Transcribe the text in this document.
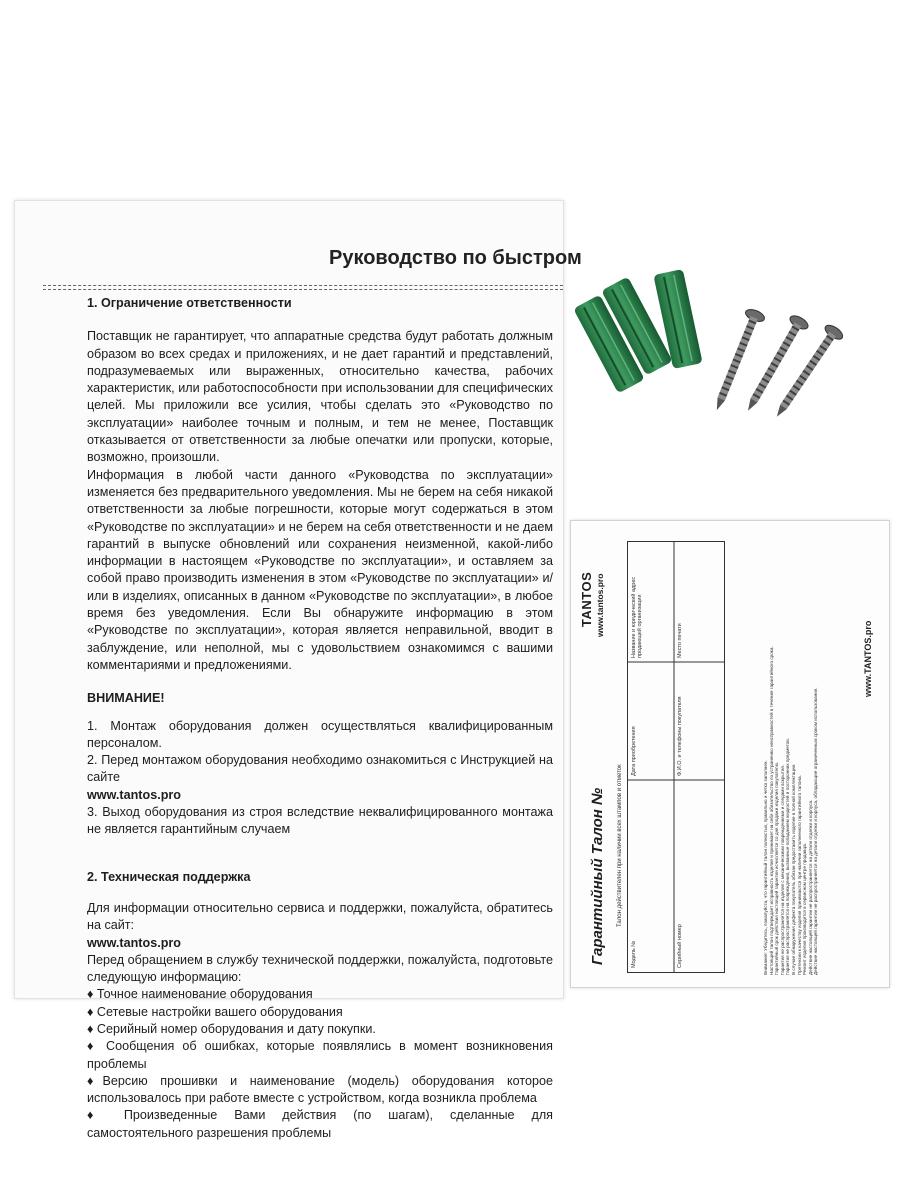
Руководство по быстром

1. Ограничение ответственности

Поставщик не гарантирует, что аппаратные средства будут работать должным образом во всех средах и приложениях, и не дает гарантий и представлений, подразумеваемых или выраженных, относительно качества, рабочих характеристик, или работоспособности при использовании для специфических целей. Мы приложили все усилия, чтобы сделать это «Руководство по эксплуатации» наиболее точным и полным, и тем не менее, Поставщик отказывается от ответственности за любые опечатки или пропуски, которые, возможно, произошли.

Информация в любой части данного «Руководства по эксплуатации» изменяется без предварительного уведомления. Мы не берем на себя никакой ответственности за любые погрешности, которые могут содержаться в этом «Руководстве по эксплуатации» и не берем на себя ответственности и не даем гарантий в выпуске обновлений или сохранения неизменной, какой-либо информации в настоящем «Руководстве по эксплуатации», и оставляем за собой право производить изменения в этом «Руководстве по эксплуатации» и/или в изделиях, описанных в данном «Руководстве по эксплуатации», в любое время без уведомления. Если Вы обнаружите информацию в этом «Руководстве по эксплуатации», которая является неправильной, вводит в заблуждение, или неполной, мы с удовольствием ознакомимся с вашими комментариями и предложениями.

ВНИМАНИЕ!

1. Монтаж оборудования должен осуществляться квалифицированным персоналом.

2. Перед монтажом оборудования необходимо ознакомиться с Инструкцией на сайте

www.tantos.pro

3. Выход оборудования из строя вследствие неквалифицированного монтажа не является гарантийным случаем

2. Техническая поддержка

Для информации относительно сервиса и поддержки, пожалуйста, обратитесь на сайт:

www.tantos.pro

Перед обращением в службу технической поддержки, пожалуйста, подготовьте следующую информацию:

♦ Точное наименование оборудования

♦ Сетевые настройки вашего оборудования

♦ Серийный номер оборудования и дату покупки.

♦ Сообщения об ошибках, которые появлялись в момент возникновения проблемы

♦Версию прошивки и наименование (модель) оборудования которое использовалось при работе вместе с устройством, когда возникла проблема

♦ Произведенные Вами действия (по шагам), сделанные для самостоятельного разрешения проблемы

Гарантийный Талон № Талон действителен при наличии всех штампов и отметок
TANTOS www.tantos.pro
Модель №
Дата приобретения
Серийный номер
Ф.И.О. и телефоны покупателя
Название и юридический адрес продающей организации	Место печати
Внимание: Убедитесь, пожалуйста, что гарантийный талон полностью, правильно и четко заполнен. Настоящий талон подтверждает исправность изделия и принимает на себя обязательство по устранению неисправностей в течение гарантийного срока. Гарантийный срок действия настоящей гарантии исчисляется со дня продажи изделия покупателю. Гарантия не распространяется на изделия с механическими повреждениями и следами вскрытия. Гарантия не распространяется на повреждения, вызванные попаданием жидкостей и посторонних предметов. В случае обнаружения дефекта покупатель обязан предоставить изделие в полной комплектации. Претензии к качеству изделия принимаются при наличии заполненного гарантийного талона. Ремонт изделия производится в сервисном центре продавца. Действие настоящей гарантии не распространяется на детали отделки и корпуса. Действие настоящей гарантии не распространяется на детали отделки и корпуса, обладающие ограниченным сроком использования.
www.TANTOS.pro
